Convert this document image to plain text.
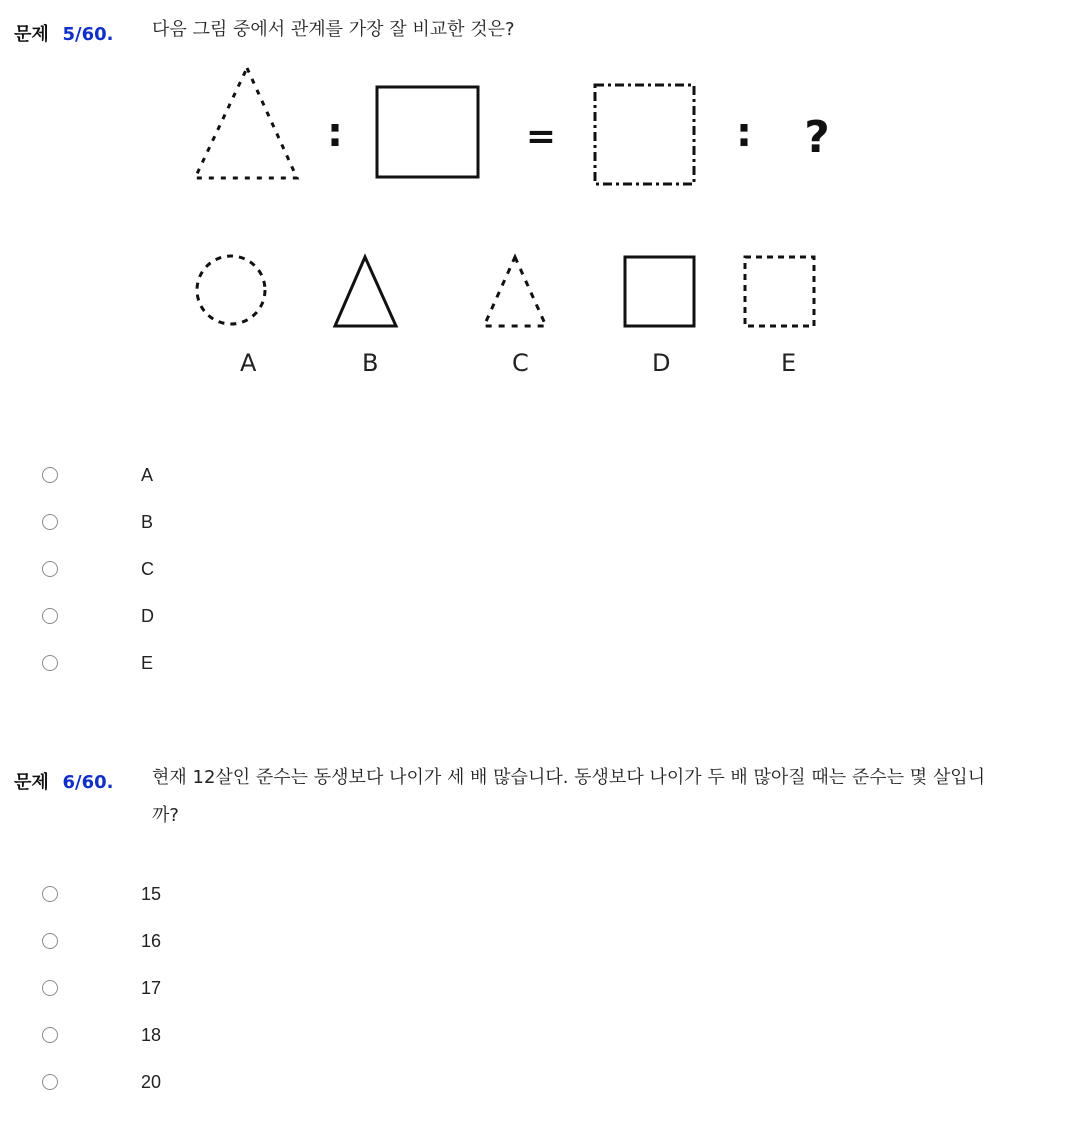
문제 5/60. 다음 그림 중에서 관계를 가장 잘 비교한 것은?
:	=	: ?
A	B	C	D	E
A
B
C
D
E
문제 6/60. 현재 12살인 준수는 동생보다 나이가 세 배 많습니다. 동생보다 나이가 두 배 많아질 때는 준수는 몇 살입니
까?
15
16
17
18
20
